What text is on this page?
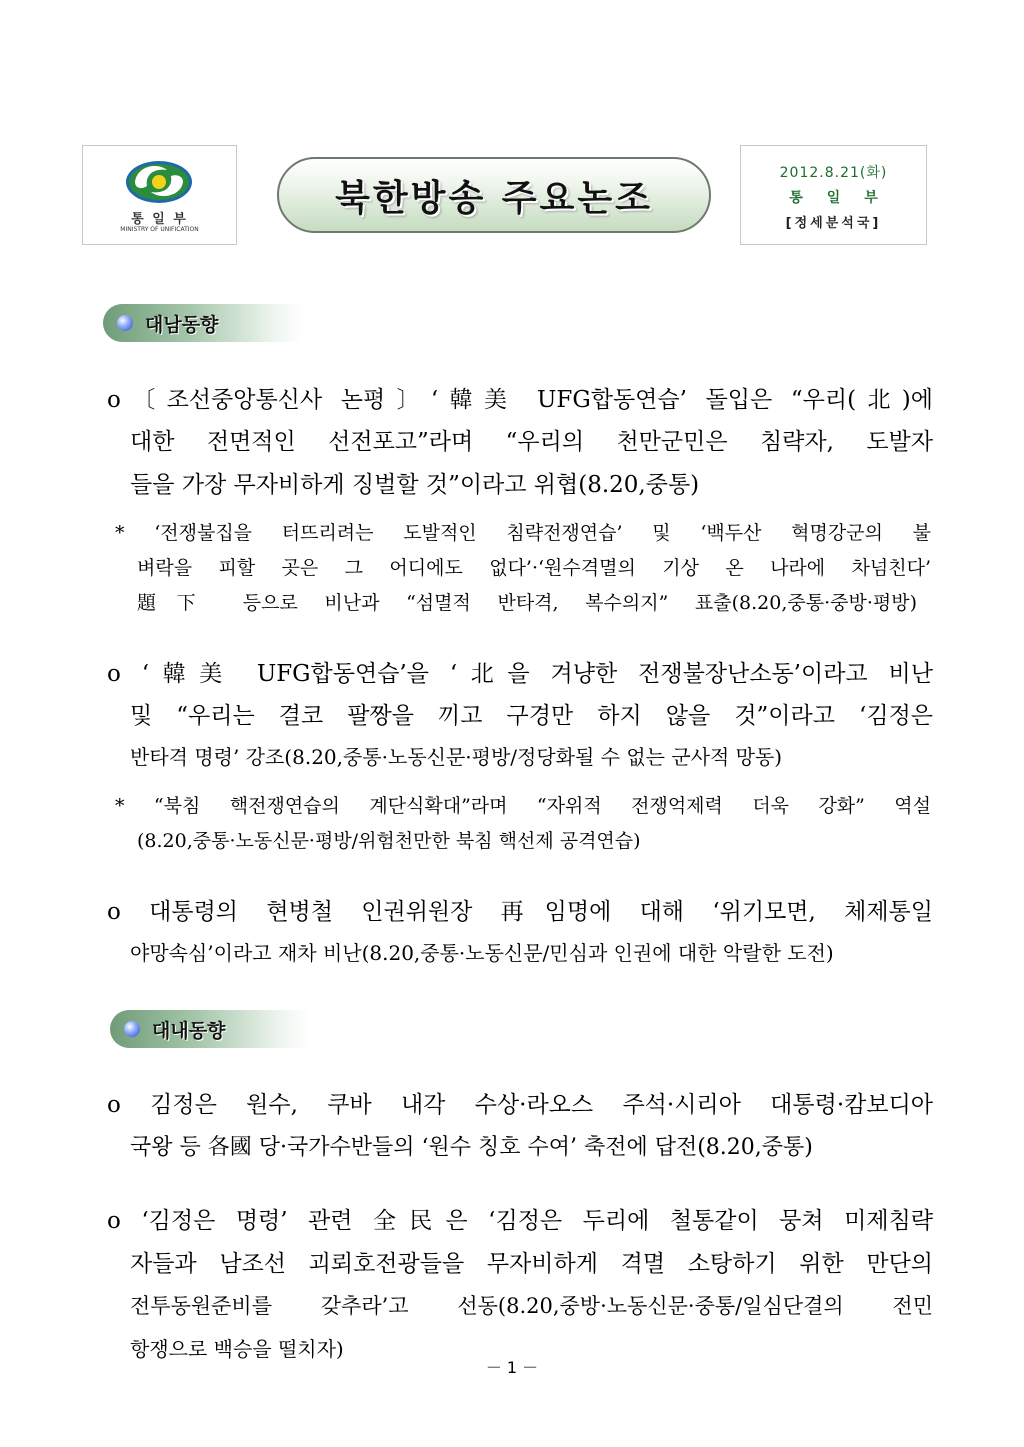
통 일 부
MINISTRY OF UNIFICATION
북한방송 주요논조
2012.8.21(화)
통일부
[정세분석국]
대남동향
o〔조선중앙통신사 논평〕‘韓美 UFG합동연습’ 돌입은 “우리(北)에
대한 전면적인 선전포고”라며 “우리의 천만군민은 침략자, 도발자
들을 가장 무자비하게 징벌할 것”이라고 위협(8.20,중통)
* ‘전쟁불집을 터뜨리려는 도발적인 침략전쟁연습’ 및 ‘백두산 혁명강군의 불
벼락을 피할 곳은 그 어디에도 없다’·‘원수격멸의 기상 온 나라에 차넘친다’
題下 등으로 비난과 “섬멸적 반타격, 복수의지” 표출(8.20,중통·중방·평방)
o ‘韓美 UFG합동연습’을 ‘北을 겨냥한 전쟁불장난소동’이라고 비난
및 “우리는 결코 팔짱을 끼고 구경만 하지 않을 것”이라고 ‘김정은
반타격 명령’ 강조(8.20,중통·노동신문·평방/정당화될 수 없는 군사적 망동)
* “북침 핵전쟁연습의 계단식확대”라며 “자위적 전쟁억제력 더욱 강화” 역설
(8.20,중통·노동신문·평방/위험천만한 북침 핵선제 공격연습)
o 대통령의 현병철 인권위원장 再임명에 대해 ‘위기모면, 체제통일
야망속심’이라고 재차 비난(8.20,중통·노동신문/민심과 인권에 대한 악랄한 도전)
대내동향
o 김정은 원수, 쿠바 내각 수상·라오스 주석·시리아 대통령·캄보디아
국왕 등 各國 당·국가수반들의 ‘원수 칭호 수여’ 축전에 답전(8.20,중통)
o ‘김정은 명령’ 관련 全民은 ‘김정은 두리에 철통같이 뭉쳐 미제침략
자들과 남조선 괴뢰호전광들을 무자비하게 격멸 소탕하기 위한 만단의
전투동원준비를 갖추라’고 선동(8.20,중방·노동신문·중통/일심단결의 전민
항쟁으로 백승을 떨치자)
－ 1 －
